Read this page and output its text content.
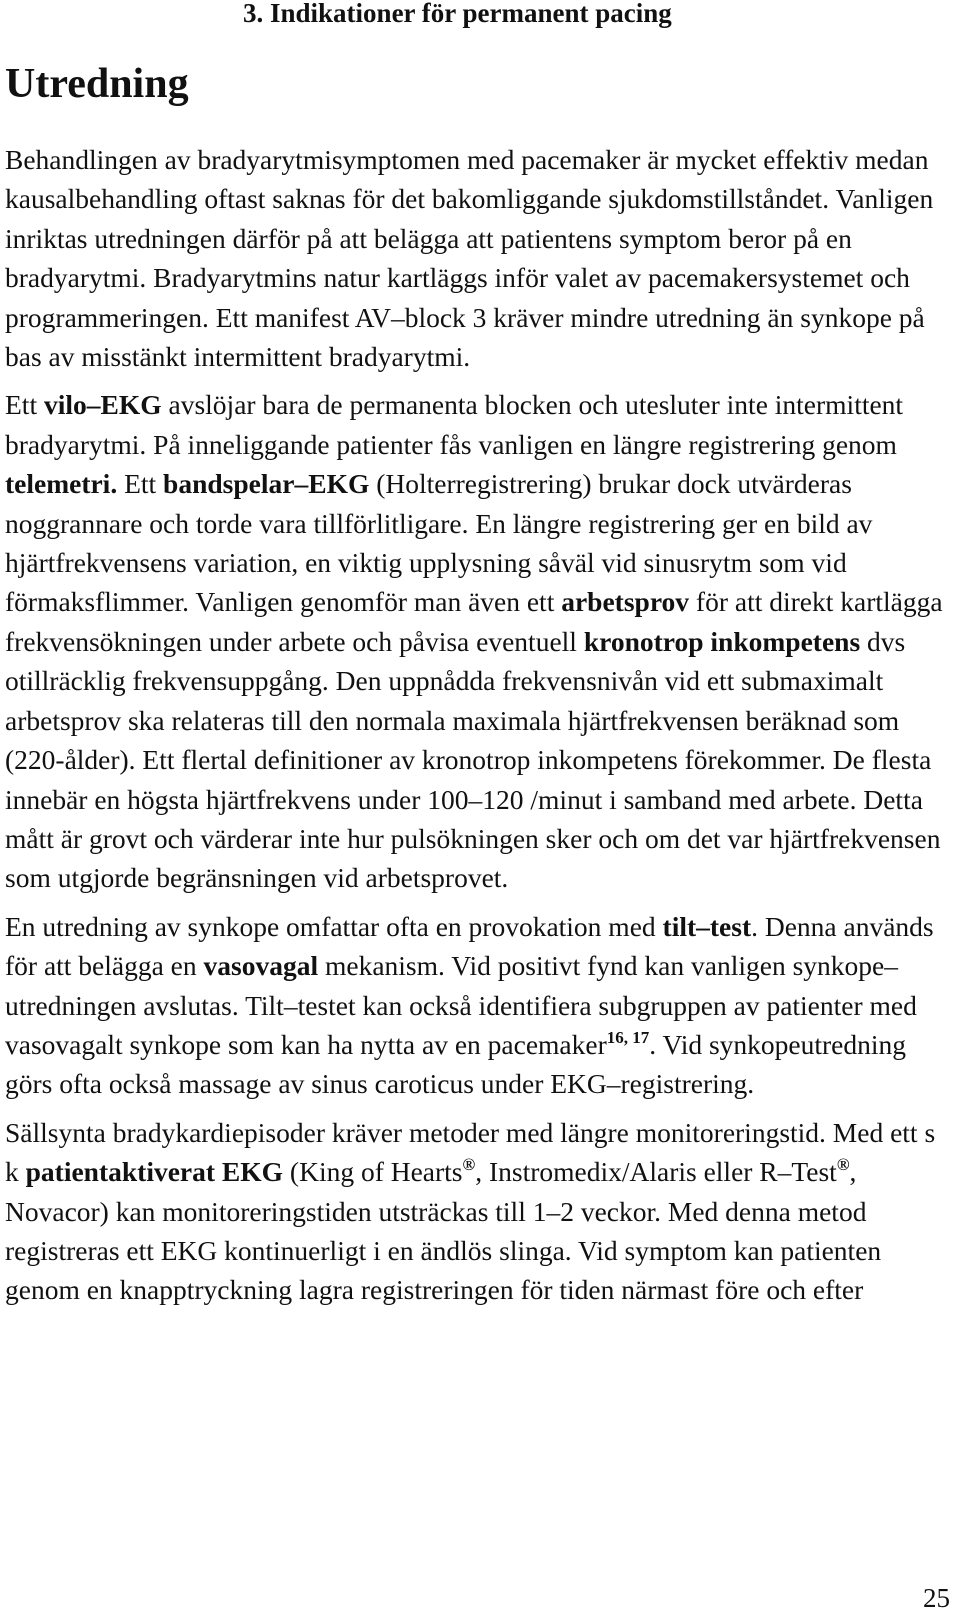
3. Indikationer för permanent pacing
Utredning

Behandlingen av bradyarytmisymptomen med pacemaker är mycket effektiv medan kausalbehandling oftast saknas för det bakomliggande sjukdomstillståndet. Vanligen inriktas utredningen därför på att belägga att patientens symptom beror på en bradyarytmi. Bradyarytmins natur kartläggs inför valet av pacemakersystemet och programmeringen. Ett manifest AV–block 3 kräver mindre utredning än synkope på bas av misstänkt intermittent bradyarytmi.

Ett vilo–EKG avslöjar bara de permanenta blocken och utesluter inte intermittent bradyarytmi. På inneliggande patienter fås vanligen en längre registrering genom telemetri. Ett bandspelar–EKG (Holterregistrering) brukar dock utvärderas noggrannare och torde vara tillförlitligare. En längre registrering ger en bild av hjärtfrekvensens variation, en viktig upplysning såväl vid sinusrytm som vid förmaksflimmer. Vanligen genomför man även ett arbetsprov för att direkt kartlägga frekvensökningen under arbete och påvisa eventuell kronotrop inkompetens dvs otillräcklig frekvensuppgång. Den uppnådda frekvensnivån vid ett submaximalt arbetsprov ska relateras till den normala maximala hjärtfrekvensen beräknad som (220-ålder). Ett flertal definitioner av kronotrop inkompetens förekommer. De flesta innebär en högsta hjärtfrekvens under 100–120 /minut i samband med arbete. Detta mått är grovt och värderar inte hur pulsökningen sker och om det var hjärtfrekvensen som utgjorde begränsningen vid arbetsprovet.

En utredning av synkope omfattar ofta en provokation med tilt–test. Denna används för att belägga en vasovagal mekanism. Vid positivt fynd kan vanligen synkope–utredningen avslutas. Tilt–testet kan också identifiera subgruppen av patienter med vasovagalt synkope som kan ha nytta av en pacemaker$^{16, 17}$. Vid synkopeutredning görs ofta också massage av sinus caroticus under EKG–registrering.

Sällsynta bradykardiepisoder kräver metoder med längre monitoreringstid. Med ett s k patientaktiverat EKG (King of Hearts®, Instromedix/Alaris eller R–Test®, Novacor) kan monitoreringstiden utsträckas till 1–2 veckor. Med denna metod registreras ett EKG kontinuerligt i en ändlös slinga. Vid symptom kan patienten genom en knapptryckning lagra registreringen för tiden närmast före och efter

25
